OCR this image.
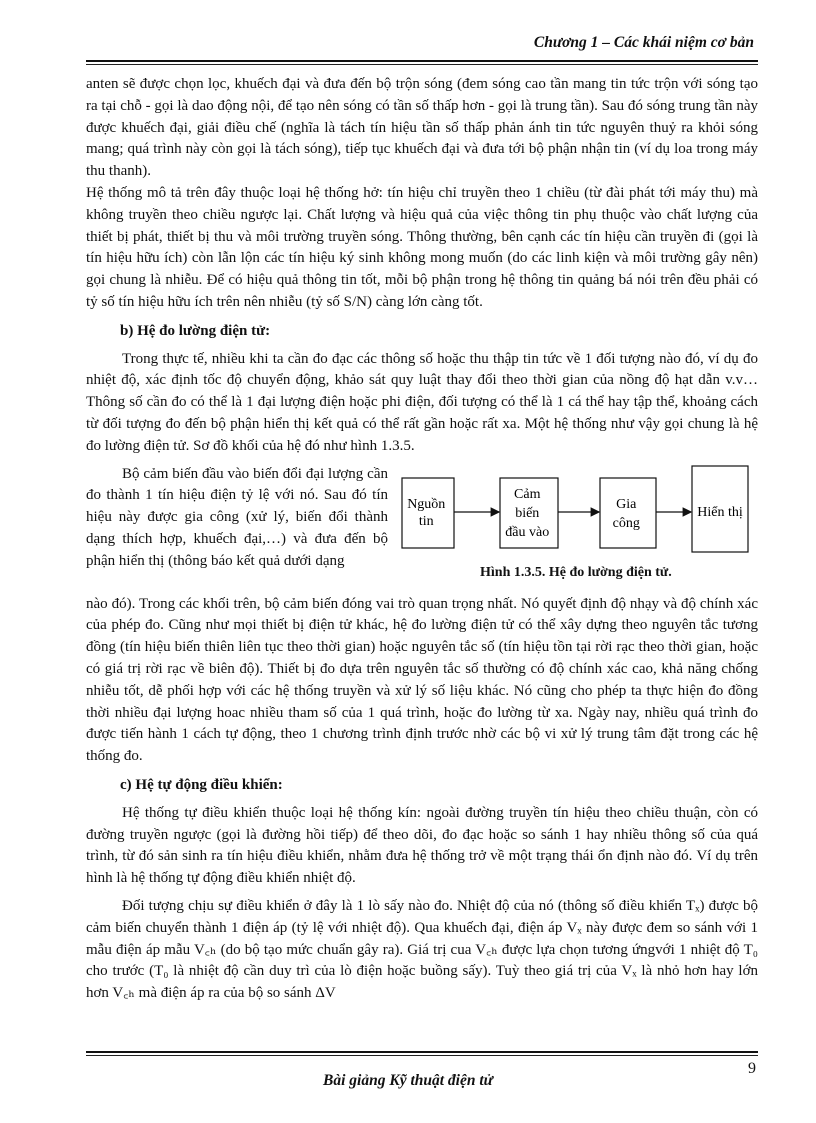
Chương 1 – Các khái niệm cơ bản

anten sẽ được chọn lọc, khuếch đại và đưa đến bộ trộn sóng (đem sóng cao tần mang tin tức trộn với sóng tạo ra tại chỗ - gọi là dao động nội, để tạo nên sóng có tần số thấp hơn - gọi là trung tần). Sau đó sóng trung tần này được khuếch đại, giải điều chế (nghĩa là tách tín hiệu tần số thấp phản ánh tin tức nguyên thuỷ ra khỏi sóng mang; quá trình này còn gọi là tách sóng), tiếp tục khuếch đại và đưa tới bộ phận nhận tin (ví dụ loa trong máy thu thanh).

Hệ thống mô tả trên đây thuộc loại hệ thống hở: tín hiệu chỉ truyền theo 1 chiều (từ đài phát tới máy thu) mà không truyền theo chiều ngược lại. Chất lượng và hiệu quả của việc thông tin phụ thuộc vào chất lượng của thiết bị phát, thiết bị thu và môi trường truyền sóng. Thông thường, bên cạnh các tín hiệu cần truyền đi (gọi là tín hiệu hữu ích) còn lẫn lộn các tín hiệu ký sinh không mong muốn (do các linh kiện và môi trường gây nên) gọi chung là nhiễu. Để có hiệu quả thông tin tốt, mỗi bộ phận trong hệ thông tin quảng bá nói trên đều phải có tỷ số tín hiệu hữu ích trên nên nhiễu (tỷ số S/N) càng lớn càng tốt.

b) Hệ đo lường điện tử:

Trong thực tế, nhiều khi ta cần đo đạc các thông số hoặc thu thập tin tức về 1 đối tượng nào đó, ví dụ đo nhiệt độ, xác định tốc độ chuyển động, khảo sát quy luật thay đổi theo thời gian của nồng độ hạt dẫn v.v… Thông số cần đo có thể là 1 đại lượng điện hoặc phi điện, đối tượng có thể là 1 cá thể hay tập thể, khoảng cách từ đối tượng đo đến bộ phận hiển thị kết quả có thể rất gần hoặc rất xa. Một hệ thống như vậy gọi chung là hệ đo lường điện tử. Sơ đồ khối của hệ đó như hình 1.3.5.

Bộ cảm biến đầu vào biến đổi đại lượng cần đo thành 1 tín hiệu điện tỷ lệ với nó. Sau đó tín hiệu này được gia công (xử lý, biến đổi thành dạng thích hợp, khuếch đại,…) và đưa đến bộ phận hiển thị (thông báo kết quả dưới dạng

Nguồn tin Cảm biến đầu vào Gia công Hiển thị
Hình 1.3.5. Hệ đo lường điện tử.

nào đó). Trong các khối trên, bộ cảm biến đóng vai trò quan trọng nhất. Nó quyết định độ nhạy và độ chính xác của phép đo. Cũng như mọi thiết bị điện tử khác, hệ đo lường điện tử có thể xây dựng theo nguyên tắc tương đồng (tín hiệu biến thiên liên tục theo thời gian) hoặc nguyên tắc số (tín hiệu tồn tại rời rạc theo thời gian, hoặc có giá trị rời rạc về biên độ). Thiết bị đo dựa trên nguyên tắc số thường có độ chính xác cao, khả năng chống nhiễu tốt, dễ phối hợp với các hệ thống truyền và xử lý số liệu khác. Nó cũng cho phép ta thực hiện đo đồng thời nhiều đại lượng hoac nhiều tham số của 1 quá trình, hoặc đo lường từ xa. Ngày nay, nhiều quá trình đo được tiến hành 1 cách tự động, theo 1 chương trình định trước nhờ các bộ vi xử lý trung tâm đặt trong các hệ thống đo.

c) Hệ tự động điều khiển:

Hệ thống tự điều khiển thuộc loại hệ thống kín: ngoài đường truyền tín hiệu theo chiều thuận, còn có đường truyền ngược (gọi là đường hồi tiếp) để theo dõi, đo đạc hoặc so sánh 1 hay nhiều thông số của quá trình, từ đó sản sinh ra tín hiệu điều khiển, nhằm đưa hệ thống trở về một trạng thái ổn định nào đó. Ví dụ trên hình là hệ thống tự động điều khiển nhiệt độ.

Đối tượng chịu sự điều khiển ở đây là 1 lò sấy nào đo. Nhiệt độ của nó (thông số điều khiển Tₓ) được bộ cảm biến chuyển thành 1 điện áp (tỷ lệ với nhiệt độ). Qua khuếch đại, điện áp Vₓ này được đem so sánh với 1 mẫu điện áp mẫu V꜀ₕ (do bộ tạo mức chuẩn gây ra). Giá trị cua V꜀ₕ được lựa chọn tương ứngvới 1 nhiệt độ T₀ cho trước (T₀ là nhiệt độ cần duy trì của lò điện hoặc buồng sấy). Tuỳ theo giá trị của Vₓ là nhỏ hơn hay lớn hơn V꜀ₕ mà điện áp ra của bộ so sánh ΔV

9
Bài giảng Kỹ thuật điện tử
